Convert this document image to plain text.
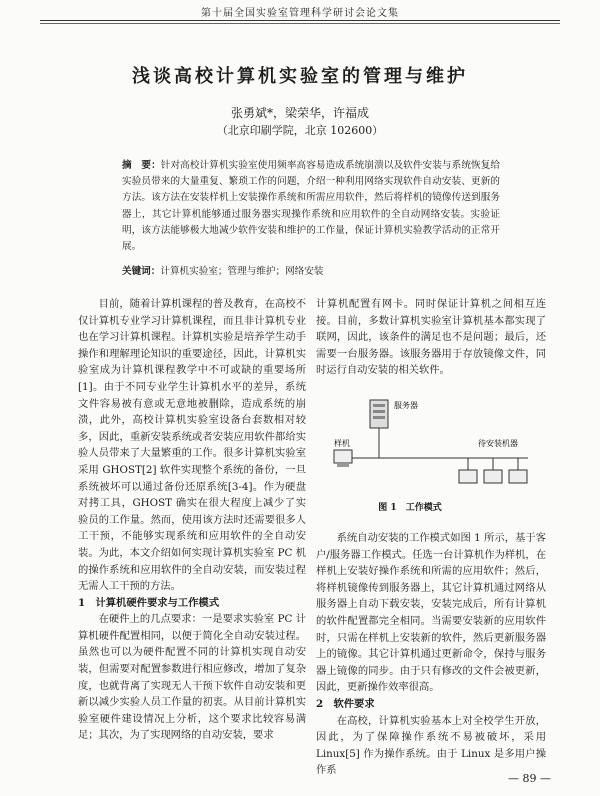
第十届全国实验室管理科学研讨会论文集
浅谈高校计算机实验室的管理与维护
张勇斌*，梁荣华，许福成
（北京印刷学院，北京 102600）
摘　要：针对高校计算机实验室使用频率高容易造成系统崩溃以及软件安装与系统恢复给实验员带来的大量重复、繁琐工作的问题，介绍一种利用网络实现软件自动安装、更新的方法。该方法在安装样机上安装操作系统和所需应用软件，然后将样机的镜像传送到服务器上，其它计算机能够通过服务器实现操作系统和应用软件的全自动网络安装。实验证明，该方法能够极大地减少软件安装和维护的工作量，保证计算机实验教学活动的正常开展。
关键词：计算机实验室；管理与维护；网络安装

目前，随着计算机课程的普及教育，在高校不仅计算机专业学习计算机课程，而且非计算机专业也在学习计算机课程。计算机实验是培养学生动手操作和理解理论知识的重要途径，因此，计算机实验室成为计算机课程教学中不可或缺的重要场所[1]。由于不同专业学生计算机水平的差异，系统文件容易被有意或无意地被删除，造成系统的崩溃，此外，高校计算机实验室设备台套数相对较多，因此，重新安装系统或者安装应用软件都给实验人员带来了大量繁重的工作。很多计算机实验室采用 GHOST[2] 软件实现整个系统的备份，一旦系统被坏可以通过备份还原系统[3-4]。作为硬盘对拷工具，GHOST 确实在很大程度上减少了实验员的工作量。然而，使用该方法时还需要很多人工干预，不能够实现系统和应用软件的全自动安装。为此，本文介绍如何实现计算机实验室 PC 机的操作系统和应用软件的全自动安装，而安装过程无需人工干预的方法。

1　计算机硬件要求与工作模式

在硬件上的几点要求：一是要求实验室 PC 计算机硬件配置相同，以便于简化全自动安装过程。虽然也可以为硬件配置不同的计算机实现自动安装，但需要对配置参数进行相应修改，增加了复杂度，也就背离了实现无人干预下软件自动安装和更新以减少实验人员工作量的初衷。从目前计算机实验室硬件建设情况上分析，这个要求比较容易满足；其次，为了实现网络的自动安装，要求

计算机配置有网卡。同时保证计算机之间相互连接。目前，多数计算机实验室计算机基本都实现了联网，因此，该条件的满足也不是问题；最后，还需要一台服务器。该服务器用于存放镜像文件，同时运行自动安装的相关软件。

服务器
样机	待安装机器
图 1　工作模式

系统自动安装的工作模式如图 1 所示，基于客户/服务器工作模式。任选一台计算机作为样机，在样机上安装好操作系统和所需的应用软件；然后，将样机镜像传到服务器上，其它计算机通过网络从服务器上自动下载安装，安装完成后，所有计算机的软件配置都完全相同。当需要安装新的应用软件时，只需在样机上安装新的软件，然后更新服务器上的镜像。其它计算机通过更新命令，保持与服务器上镜像的同步。由于只有修改的文件会被更新，因此，更新操作效率很高。

2　软件要求

在高校，计算机实验基本上对全校学生开放，因此，为了保障操作系统不易被破坏，采用 Linux[5] 作为操作系统。由于 Linux 是多用户操作系

— 89 —
